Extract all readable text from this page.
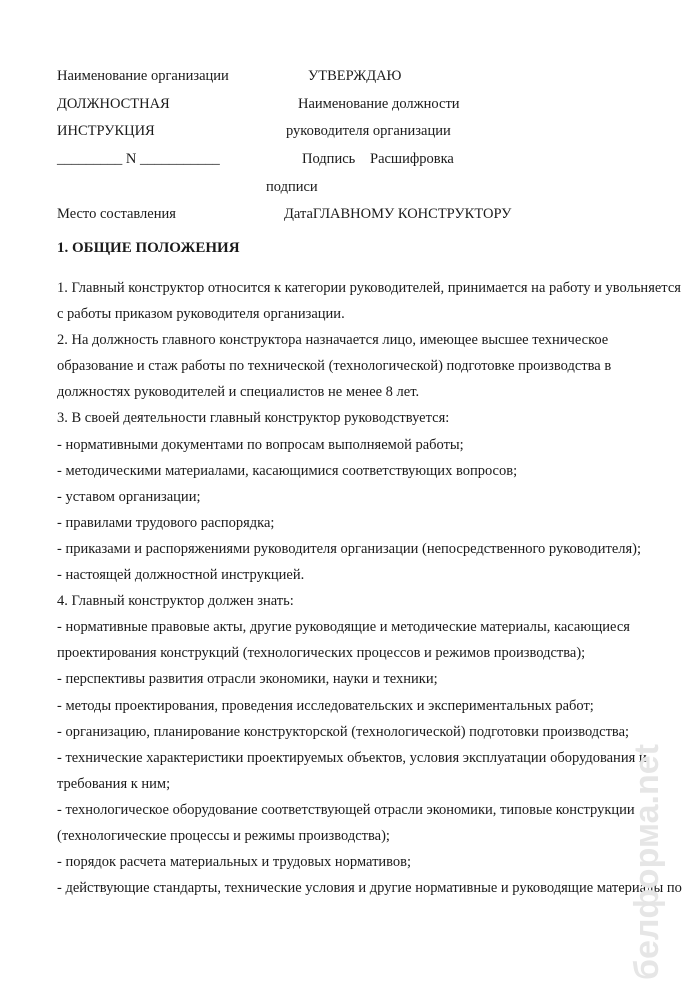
Наименование организации	УТВЕРЖДАЮ
ДОЛЖНОСТНАЯ	Наименование должности
ИНСТРУКЦИЯ	руководителя организации
_________ N ___________	Подпись Расшифровка
подписи
Место составления	ДатаГЛАВНОМУ КОНСТРУКТОРУ
1. ОБЩИЕ ПОЛОЖЕНИЯ
1. Главный конструктор относится к категории руководителей, принимается на работу и увольняется
с работы приказом руководителя организации.
2. На должность главного конструктора назначается лицо, имеющее высшее техническое
образование и стаж работы по технической (технологической) подготовке производства в
должностях руководителей и специалистов не менее 8 лет.
3. В своей деятельности главный конструктор руководствуется:
- нормативными документами по вопросам выполняемой работы;
- методическими материалами, касающимися соответствующих вопросов;
- уставом организации;
- правилами трудового распорядка;
- приказами и распоряжениями руководителя организации (непосредственного руководителя);
- настоящей должностной инструкцией.
4. Главный конструктор должен знать:
- нормативные правовые акты, другие руководящие и методические материалы, касающиеся
проектирования конструкций (технологических процессов и режимов производства);
- перспективы развития отрасли экономики, науки и техники;
- методы проектирования, проведения исследовательских и экспериментальных работ;
- организацию, планирование конструкторской (технологической) подготовки производства;
- технические характеристики проектируемых объектов, условия эксплуатации оборудования и
требования к ним;
- технологическое оборудование соответствующей отрасли экономики, типовые конструкции
(технологические процессы и режимы производства);
- порядок расчета материальных и трудовых нормативов;
- действующие стандарты, технические условия и другие нормативные и руководящие материалы по
белформа.net
